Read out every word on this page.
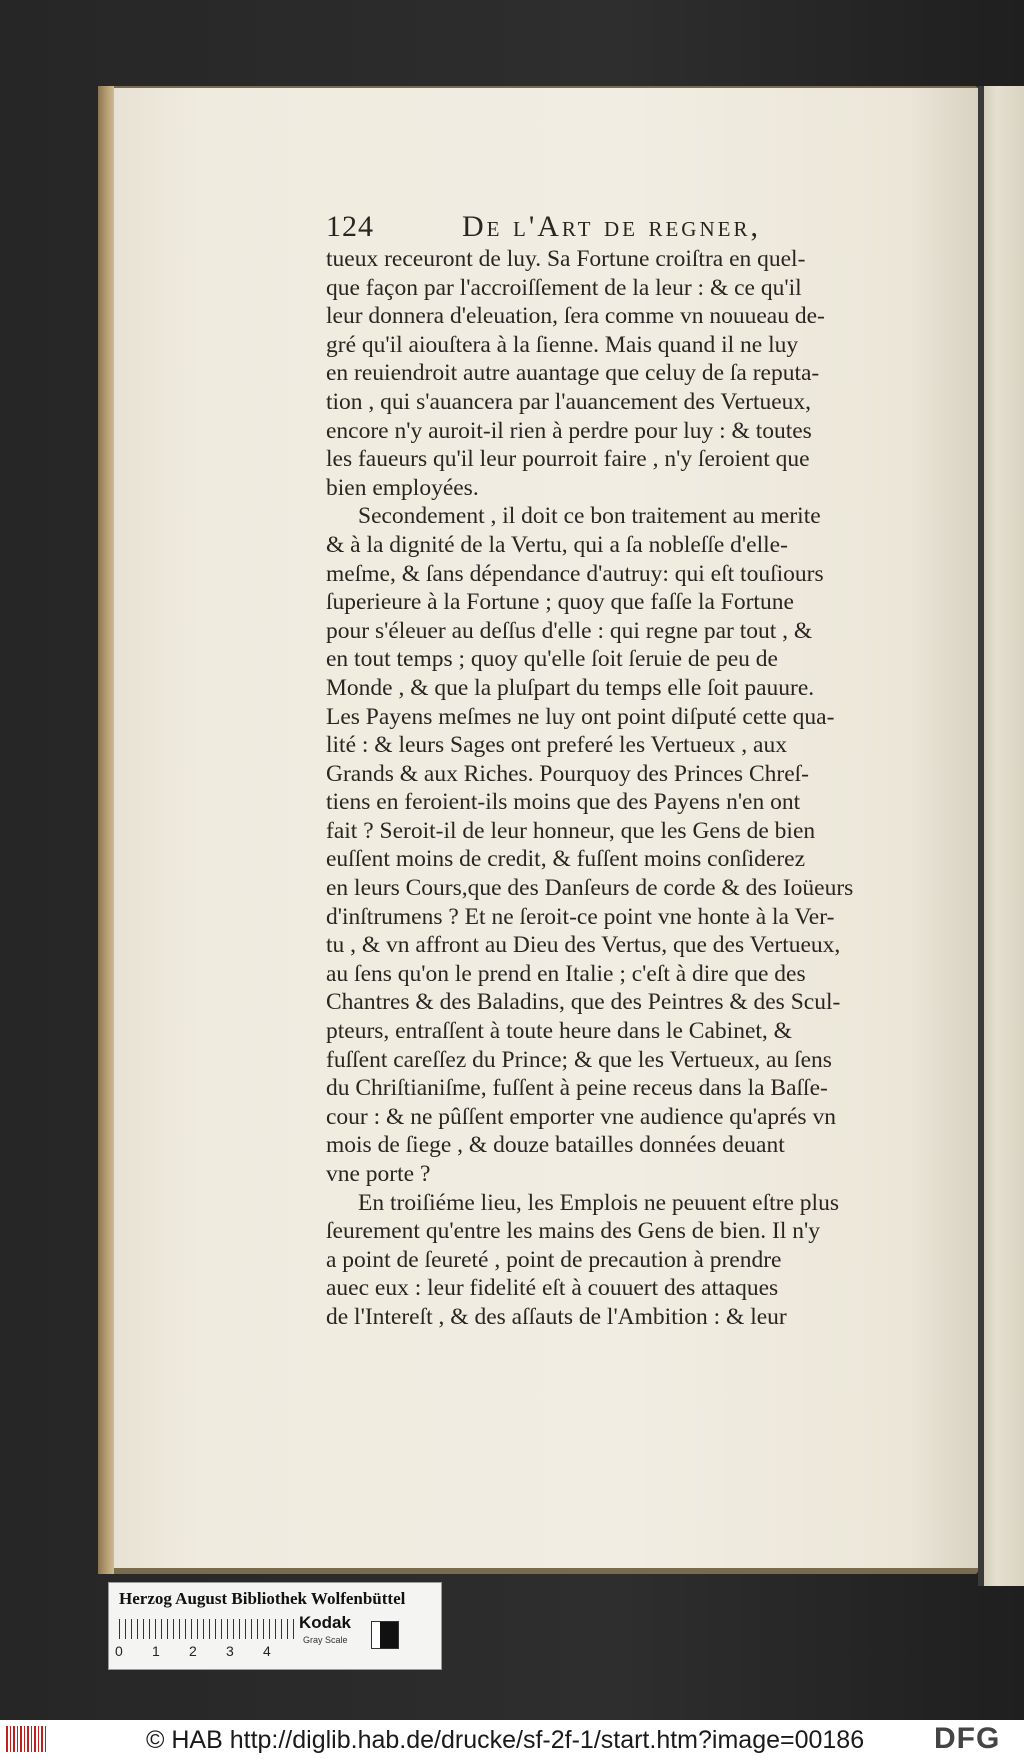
124	De l'Art de regner,
tueux receuront de luy. Sa Fortune croiſtra en quel-
que façon par l'accroiſſement de la leur : & ce qu'il
leur donnera d'eleuation, ſera comme vn nouueau de-
gré qu'il aiouſtera à la ſienne. Mais quand il ne luy
en reuiendroit autre auantage que celuy de ſa reputa-
tion , qui s'auancera par l'auancement des Vertueux,
encore n'y auroit-il rien à perdre pour luy : & toutes
les faueurs qu'il leur pourroit faire , n'y ſeroient que
bien employées.
Secondement , il doit ce bon traitement au merite
& à la dignité de la Vertu, qui a ſa nobleſſe d'elle-
meſme, & ſans dépendance d'autruy: qui eſt touſiours
ſuperieure à la Fortune ; quoy que faſſe la Fortune
pour s'éleuer au deſſus d'elle : qui regne par tout , &
en tout temps ; quoy qu'elle ſoit ſeruie de peu de
Monde , & que la pluſpart du temps elle ſoit pauure.
Les Payens meſmes ne luy ont point diſputé cette qua-
lité : & leurs Sages ont preferé les Vertueux , aux
Grands & aux Riches. Pourquoy des Princes Chreſ-
tiens en feroient-ils moins que des Payens n'en ont
fait ? Seroit-il de leur honneur, que les Gens de bien
euſſent moins de credit, & fuſſent moins conſiderez
en leurs Cours,que des Danſeurs de corde & des Ioüeurs
d'inſtrumens ? Et ne ſeroit-ce point vne honte à la Ver-
tu , & vn affront au Dieu des Vertus, que des Vertueux,
au ſens qu'on le prend en Italie ; c'eſt à dire que des
Chantres & des Baladins, que des Peintres & des Scul-
pteurs, entraſſent à toute heure dans le Cabinet, &
fuſſent careſſez du Prince; & que les Vertueux, au ſens
du Chriſtianiſme, fuſſent à peine receus dans la Baſſe-
cour : & ne pûſſent emporter vne audience qu'aprés vn
mois de ſiege , & douze batailles données deuant
vne porte ?
En troiſiéme lieu, les Emplois ne peuuent eſtre plus
ſeurement qu'entre les mains des Gens de bien. Il n'y
a point de ſeureté , point de precaution à prendre
auec eux : leur fidelité eſt à couuert des attaques
de l'Intereſt , & des aſſauts de l'Ambition : & leur
Herzog August Bibliothek Wolfenbüttel
0 1 2 3 4
Kodak
Gray Scale
© HAB http://diglib.hab.de/drucke/sf-2f-1/start.htm?image=00186 DFG
